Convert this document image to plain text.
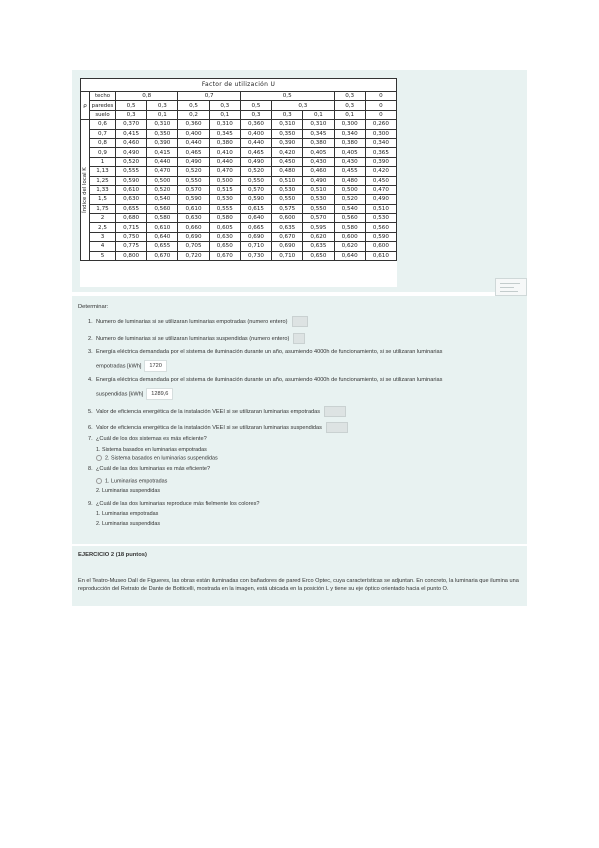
Factor de utilización U										
ρ	techo	0,8		0,7		0,5			0,3	0
	paredes	0,5	0,3	0,5	0,3	0,5	0,3		0,3	0
	suelo	0,3	0,1	0,2	0,1	0,3	0,3	0,1	0,1	0

Índice del local K	0,6	0,370	0,310	0,360	0,310	0,360	0,310	0,310	0,300	0,260
	0,7	0,415	0,350	0,400	0,345	0,400	0,350	0,345	0,340	0,300
	0,8	0,460	0,390	0,440	0,380	0,440	0,390	0,380	0,380	0,340
	0,9	0,490	0,415	0,465	0,410	0,465	0,420	0,405	0,405	0,365
	1	0,520	0,440	0,490	0,440	0,490	0,450	0,430	0,430	0,390
	1,13	0,555	0,470	0,520	0,470	0,520	0,480	0,460	0,455	0,420
	1,25	0,590	0,500	0,550	0,500	0,550	0,510	0,490	0,480	0,450
	1,33	0,610	0,520	0,570	0,515	0,570	0,530	0,510	0,500	0,470
	1,5	0,630	0,540	0,590	0,530	0,590	0,550	0,530	0,520	0,490
	1,75	0,655	0,560	0,610	0,555	0,615	0,575	0,550	0,540	0,510
	2	0,680	0,580	0,630	0,580	0,640	0,600	0,570	0,560	0,530
	2,5	0,715	0,610	0,660	0,605	0,665	0,635	0,595	0,580	0,560
	3	0,750	0,640	0,690	0,630	0,690	0,670	0,620	0,600	0,590
	4	0,775	0,655	0,705	0,650	0,710	0,690	0,635	0,620	0,600
	5	0,800	0,670	0,720	0,670	0,730	0,710	0,650	0,640	0,610
Determinar:
1. Numero de luminarias si se utilizaran luminarias empotradas (numero entero)
2. Numero de luminarias si se utilizaran luminarias suspendidas (numero entero)
3. Energía eléctrica demandada por el sistema de iluminación durante un año, asumiendo 4000h de funcionamiento, si se utilizaran luminarias
empotradas [kWh] 1720
4. Energía eléctrica demandada por el sistema de iluminación durante un año, asumiendo 4000h de funcionamiento, si se utilizaran luminarias
suspendidas [kWh] 1289,6
5. Valor de eficiencia energética de la instalación VEEI si se utilizaran luminarias empotradas
6. Valor de eficiencia energética de la instalación VEEI si se utilizaran luminarias suspendidas
7. ¿Cuál de los dos sistemas es más eficiente?
1. Sistema basados en luminarias empotradas
2. Sistema basados en luminarias suspendidas
8. ¿Cuál de las dos luminarias es más eficiente?
1. Luminarias empotradas
2. Luminarias suspendidas
9. ¿Cuál de las dos luminarias reproduce más fielmente los colores?
1. Luminarias empotradas
2. Luminarias suspendidas
EJERCICIO 2 (18 puntos)
En el Teatro-Museo Dalí de Figueres, las obras están iluminadas con bañadores de pared Erco Optec, cuya características se adjuntan. En concreto, la luminaria que ilumina una reproducción del Retrato de Dante de Botticelli, mostrada en la imagen, está ubicada en la posición L y tiene su eje óptico orientado hacia el punto O.
